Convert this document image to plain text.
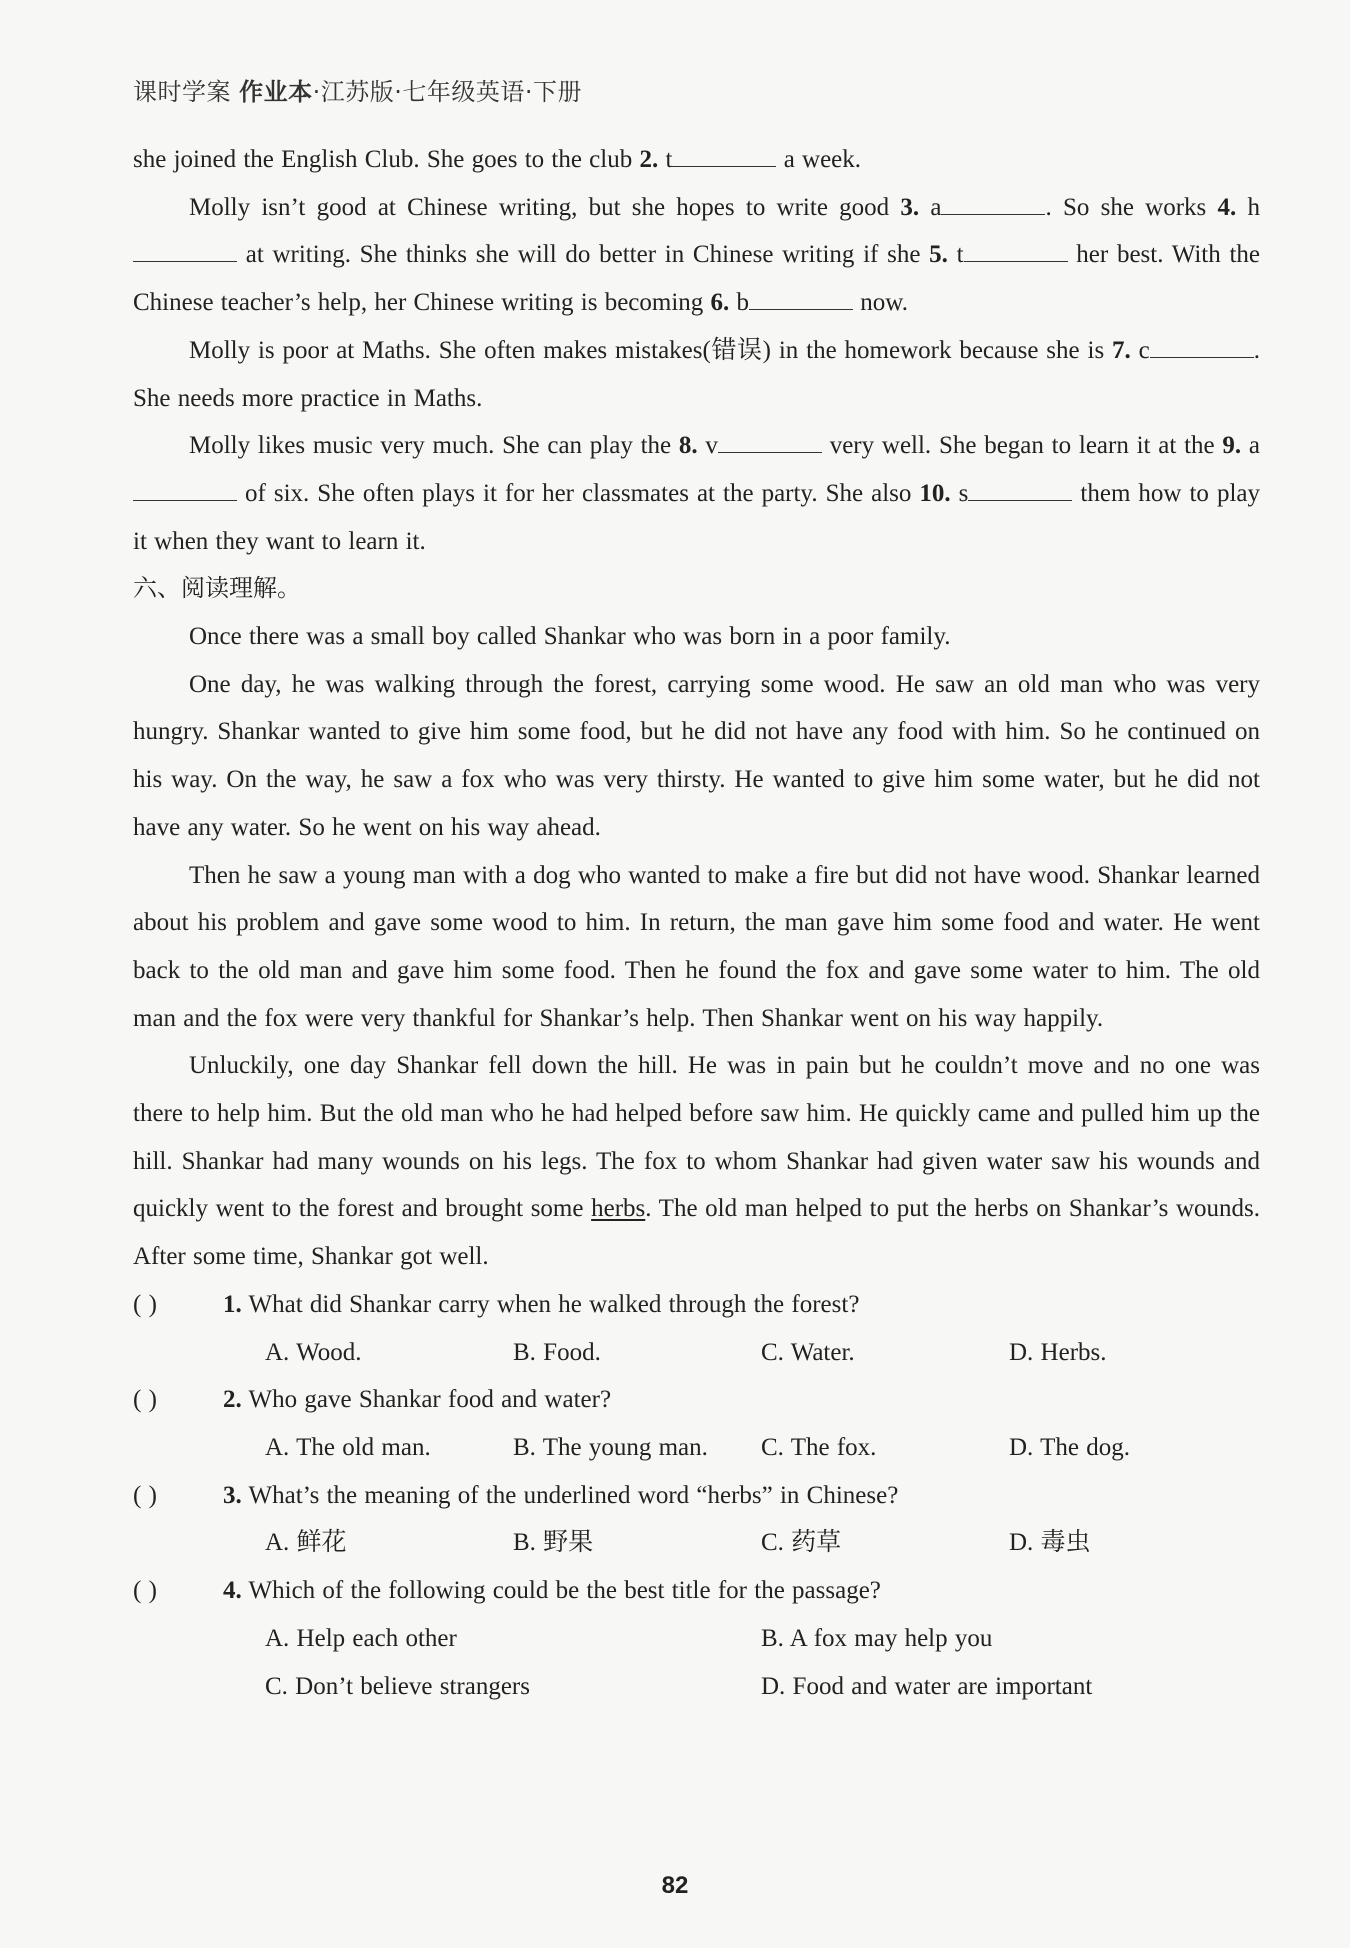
课时学案 作业本·江苏版·七年级英语·下册

she joined the English Club. She goes to the club 2. t	a week.

Molly isn’t good at Chinese writing, but she hopes to write good 3. a	. So she works 4. h at writing. She thinks she will do better in Chinese writing if she 5. t	her best. With the Chinese teacher’s help, her Chinese writing is becoming 6. b	now.

Molly is poor at Maths. She often makes mistakes(错误) in the homework because she is 7. c	. She needs more practice in Maths.

Molly likes music very much. She can play the 8. v	very well. She began to learn it at the 9. a of six. She often plays it for her classmates at the party. She also 10. s	them how to play it when they want to learn it.

六、阅读理解。

Once there was a small boy called Shankar who was born in a poor family.

One day, he was walking through the forest, carrying some wood. He saw an old man who was very hungry. Shankar wanted to give him some food, but he did not have any food with him. So he continued on his way. On the way, he saw a fox who was very thirsty. He wanted to give him some water, but he did not have any water. So he went on his way ahead.

Then he saw a young man with a dog who wanted to make a fire but did not have wood. Shankar learned about his problem and gave some wood to him. In return, the man gave him some food and water. He went back to the old man and gave him some food. Then he found the fox and gave some water to him. The old man and the fox were very thankful for Shankar’s help. Then Shankar went on his way happily.

Unluckily, one day Shankar fell down the hill. He was in pain but he couldn’t move and no one was there to help him. But the old man who he had helped before saw him. He quickly came and pulled him up the hill. Shankar had many wounds on his legs. The fox to whom Shankar had given water saw his wounds and quickly went to the forest and brought some herbs. The old man helped to put the herbs on Shankar’s wounds. After some time, Shankar got well.

( )	1. What did Shankar carry when he walked through the forest?

A. Wood.	B. Food.	C. Water.	D. Herbs.

( )	2. Who gave Shankar food and water?

A. The old man.	B. The young man.	C. The fox.	D. The dog.

( )	3. What’s the meaning of the underlined word “herbs” in Chinese?

A. 鲜花	B. 野果	C. 药草	D. 毒虫

( )	4. Which of the following could be the best title for the passage?

A. Help each other	B. A fox may help you
C. Don’t believe strangers	D. Food and water are important
82
